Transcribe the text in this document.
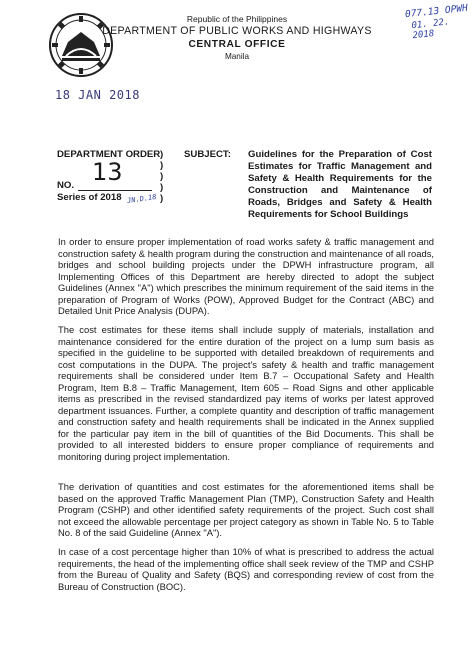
Republic of the Philippines
DEPARTMENT OF PUBLIC WORKS AND HIGHWAYS
CENTRAL OFFICE
Manila
077.13 OPWH
01. 22. 2018
18 JAN 2018
DEPARTMENT ORDER )
)
)
)
)
13
NO.
Series of 2018 JN.D.18
SUBJECT: Guidelines for the Preparation of Cost Estimates for Traffic Management and Safety & Health Requirements for the Construction and Maintenance of Roads, Bridges and Safety & Health Requirements for School Buildings
In order to ensure proper implementation of road works safety & traffic management and construction safety & health program during the construction and maintenance of all roads, bridges and school building projects under the DPWH infrastructure program, all Implementing Offices of this Department are hereby directed to adopt the subject Guidelines (Annex "A") which prescribes the minimum requirement of the said items in the preparation of Program of Works (POW), Approved Budget for the Contract (ABC) and Detailed Unit Price Analysis (DUPA).
The cost estimates for these items shall include supply of materials, installation and maintenance considered for the entire duration of the project on a lump sum basis as specified in the guideline to be supported with detailed breakdown of requirements and cost computations in the DUPA. The project's safety & health and traffic management requirements shall be considered under Item B.7 – Occupational Safety and Health Program, Item B.8 – Traffic Management, Item 605 – Road Signs and other applicable items as prescribed in the revised standardized pay items of works per latest approved department issuances. Further, a complete quantity and description of traffic management and construction safety and health requirements shall be indicated in the Annex supplied for the particular pay item in the bill of quantities of the Bid Documents. This shall be provided to all interested bidders to ensure proper compliance of requirements and monitoring during project implementation.
The derivation of quantities and cost estimates for the aforementioned items shall be based on the approved Traffic Management Plan (TMP), Construction Safety and Health Program (CSHP) and other identified safety requirements of the project. Such cost shall not exceed the allowable percentage per project category as shown in Table No. 5 to Table No. 8 of the said Guideline (Annex "A").
In case of a cost percentage higher than 10% of what is prescribed to address the actual requirements, the head of the implementing office shall seek review of the TMP and CSHP from the Bureau of Quality and Safety (BQS) and corresponding review of cost from the Bureau of Construction (BOC).
